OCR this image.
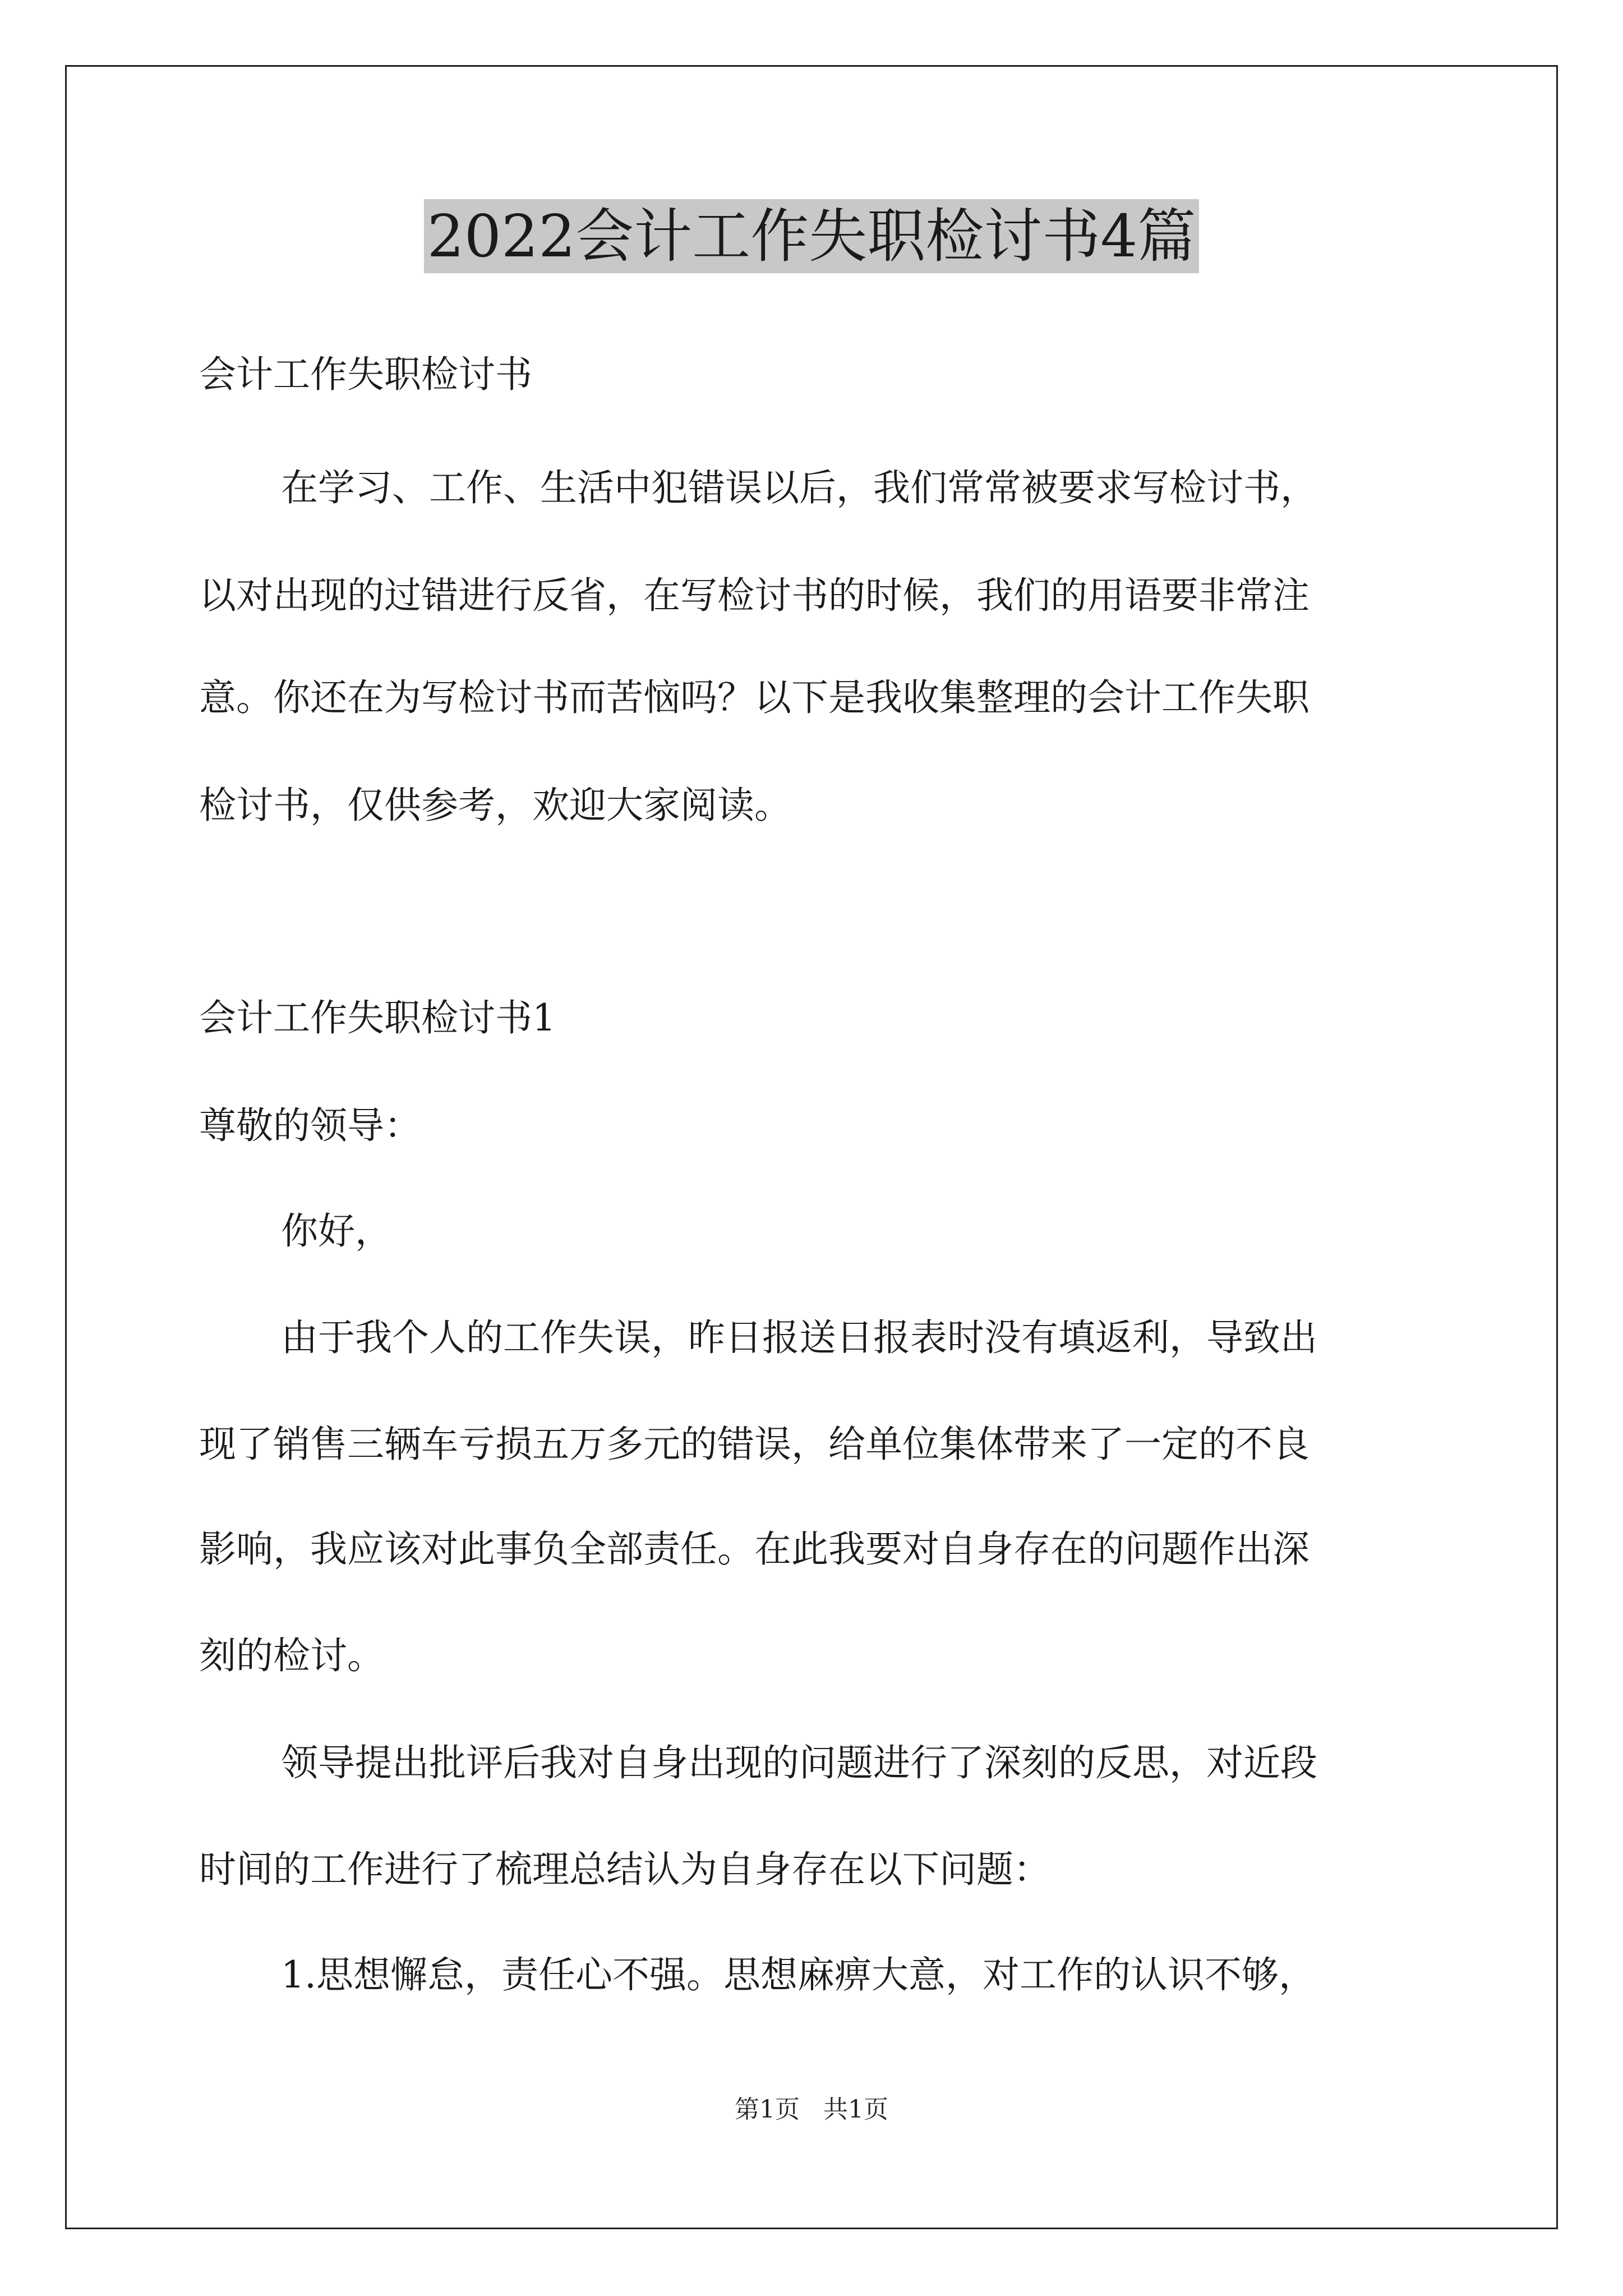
2022会计工作失职检讨书4篇
会计工作失职检讨书
在学习、工作、生活中犯错误以后，我们常常被要求写检讨书，
以对出现的过错进行反省，在写检讨书的时候，我们的用语要非常注
意。你还在为写检讨书而苦恼吗？以下是我收集整理的会计工作失职
检讨书，仅供参考，欢迎大家阅读。
会计工作失职检讨书1
尊敬的领导：
你好，
由于我个人的工作失误，昨日报送日报表时没有填返利，导致出
现了销售三辆车亏损五万多元的错误，给单位集体带来了一定的不良
影响，我应该对此事负全部责任。在此我要对自身存在的问题作出深
刻的检讨。
领导提出批评后我对自身出现的问题进行了深刻的反思，对近段
时间的工作进行了梳理总结认为自身存在以下问题：
1.思想懈怠，责任心不强。思想麻痹大意，对工作的认识不够，
第1页 共1页
